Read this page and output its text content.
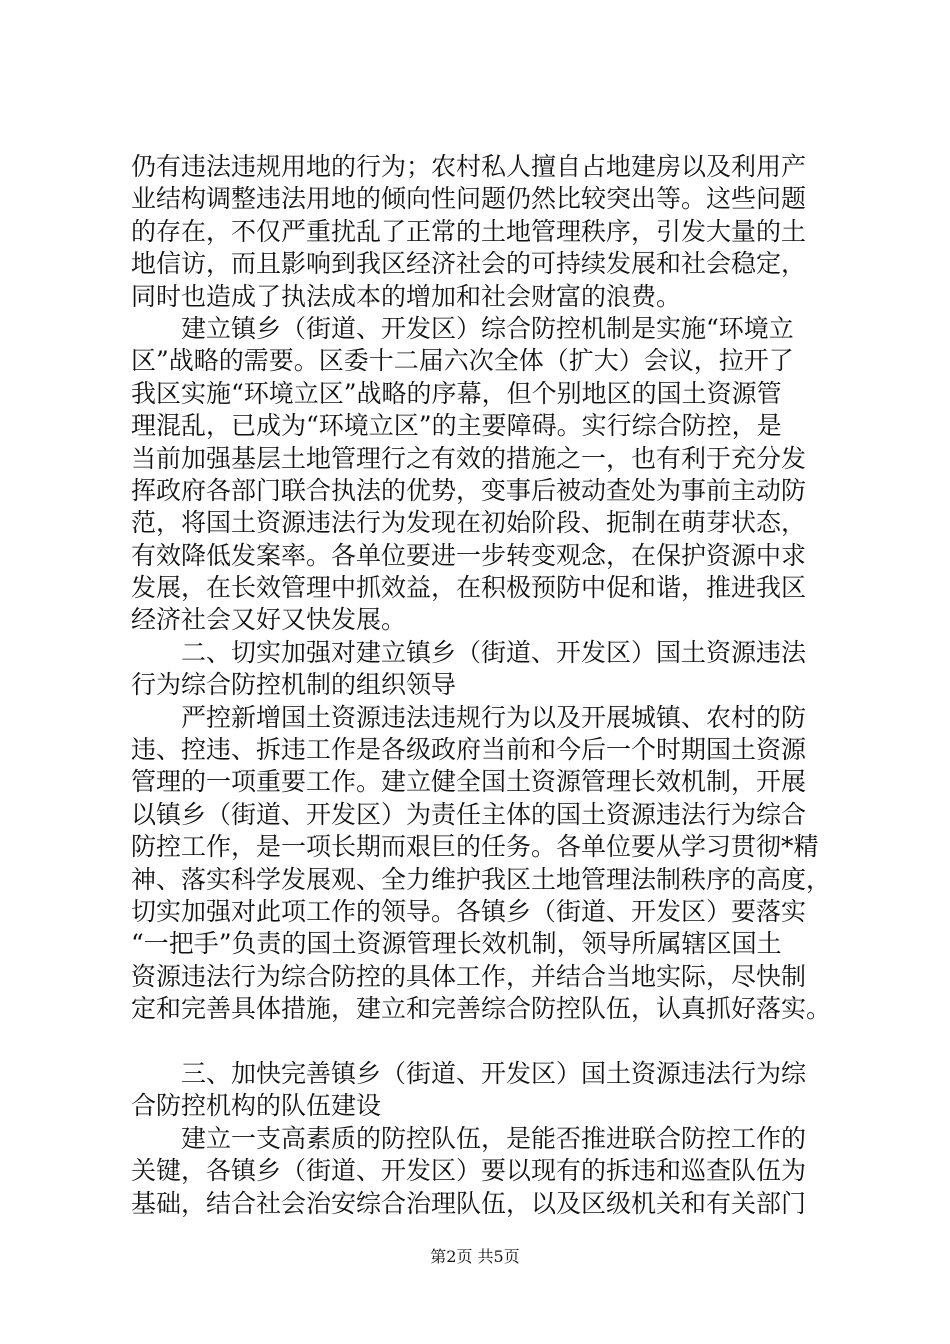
仍有违法违规用地的行为；农村私人擅自占地建房以及利用产
业结构调整违法用地的倾向性问题仍然比较突出等。这些问题
的存在，不仅严重扰乱了正常的土地管理秩序，引发大量的土
地信访，而且影响到我区经济社会的可持续发展和社会稳定，
同时也造成了执法成本的增加和社会财富的浪费。
　　建立镇乡（街道、开发区）综合防控机制是实施“环境立
区”战略的需要。区委十二届六次全体（扩大）会议，拉开了
我区实施“环境立区”战略的序幕，但个别地区的国土资源管
理混乱，已成为“环境立区”的主要障碍。实行综合防控，是
当前加强基层土地管理行之有效的措施之一，也有利于充分发
挥政府各部门联合执法的优势，变事后被动查处为事前主动防
范，将国土资源违法行为发现在初始阶段、扼制在萌芽状态，
有效降低发案率。各单位要进一步转变观念，在保护资源中求
发展，在长效管理中抓效益，在积极预防中促和谐，推进我区
经济社会又好又快发展。
　　二、切实加强对建立镇乡（街道、开发区）国土资源违法
行为综合防控机制的组织领导
　　严控新增国土资源违法违规行为以及开展城镇、农村的防
违、控违、拆违工作是各级政府当前和今后一个时期国土资源
管理的一项重要工作。建立健全国土资源管理长效机制，开展
以镇乡（街道、开发区）为责任主体的国土资源违法行为综合
防控工作，是一项长期而艰巨的任务。各单位要从学习贯彻*精
神、落实科学发展观、全力维护我区土地管理法制秩序的高度，
切实加强对此项工作的领导。各镇乡（街道、开发区）要落实
“一把手”负责的国土资源管理长效机制，领导所属辖区国土
资源违法行为综合防控的具体工作，并结合当地实际，尽快制
定和完善具体措施，建立和完善综合防控队伍，认真抓好落实。
　　三、加快完善镇乡（街道、开发区）国土资源违法行为综
合防控机构的队伍建设
　　建立一支高素质的防控队伍，是能否推进联合防控工作的
关键，各镇乡（街道、开发区）要以现有的拆违和巡查队伍为
基础，结合社会治安综合治理队伍，以及区级机关和有关部门
第2页 共5页
